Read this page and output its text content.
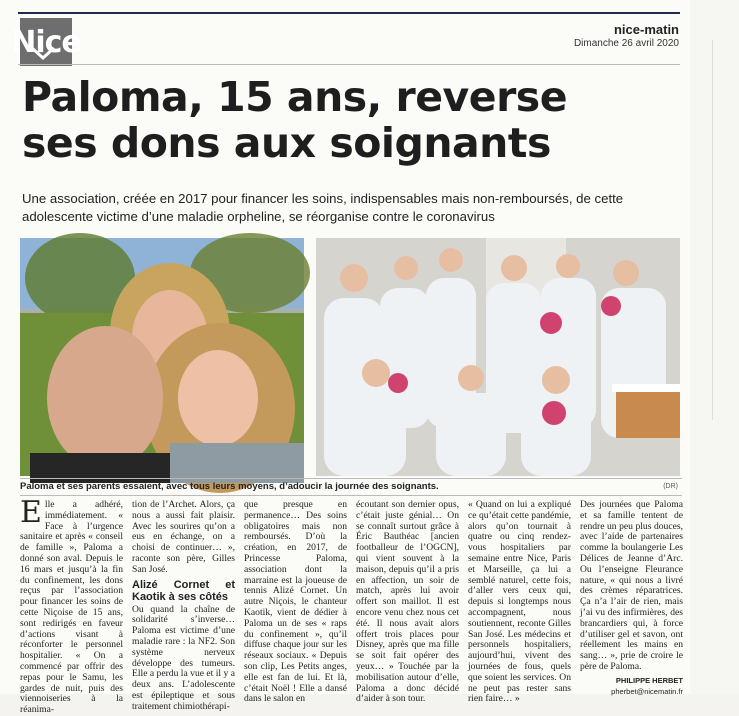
Nice	nice-matin
Dimanche 26 avril 2020
Paloma, 15 ans, reverse
ses dons aux soignants
Une association, créée en 2017 pour financer les soins, indispensables mais non-remboursés, de cette adolescente victime d’une maladie orpheline, se réorganise contre le coronavirus
Paloma et ses parents essaient, avec tous leurs moyens, d’adoucir la journée des soignants.	(DR)
Elle a adhéré, immédiatement. « Face à l’urgence sanitaire et après « conseil de famille », Paloma a donné son aval. Depuis le 16 mars et jusqu’à la fin du confinement, les dons reçus par l’association pour financer les soins de cette Niçoise de 15 ans, sont redirigés en faveur d’actions visant à réconforter le personnel hospitalier. « On a commencé par offrir des repas pour le Samu, les gardes de nuit, puis des viennoiseries à la réanima-
tion de l’Archet. Alors, ça nous a aussi fait plaisir. Avec les sourires qu’on a eus en échange, on a choisi de continuer… », raconte son père, Gilles San José.
Alizé Cornet et Kaotik à ses côtés
Ou quand la chaîne de solidarité s’inverse… Paloma est victime d’une maladie rare : la NF2. Son système nerveux développe des tumeurs. Elle a perdu la vue et il y a deux ans. L’adolescente est épileptique et sous traitement chimiothérapi-
que presque en permanence… Des soins obligatoires mais non remboursés. D’où la création, en 2017, de Princesse Paloma, association dont la marraine est la joueuse de tennis Alizé Cornet. Un autre Niçois, le chanteur Kaotik, vient de dédier à Paloma un de ses « raps du confinement », qu’il diffuse chaque jour sur les réseaux sociaux. « Depuis son clip, Les Petits anges, elle est fan de lui. Et là, c’était Noël ! Elle a dansé dans le salon en
écoutant son dernier opus, c’était juste génial… On se connaît surtout grâce à Éric Bauthéac [ancien footballeur de l’OGCN], qui vient souvent à la maison, depuis qu’il a pris en affection, un soir de match, après lui avoir offert son maillot. Il est encore venu chez nous cet été. Il nous avait alors offert trois places pour Disney, après que ma fille se soit fait opérer des yeux… » Touchée par la mobilisation autour d’elle, Paloma a donc décidé d’aider à son tour.
« Quand on lui a expliqué ce qu’était cette pandémie, alors qu’on tournait à quatre ou cinq rendez-vous hospitaliers par semaine entre Nice, Paris et Marseille, ça lui a semblé naturel, cette fois, d’aller vers ceux qui, depuis si longtemps nous accompagnent, nous soutiennent, reconte Gilles San José. Les médecins et personnels hospitaliers, aujourd’hui, vivent des journées de fous, quels que soient les services. On ne peut pas rester sans rien faire… »
Des journées que Paloma et sa famille tentent de rendre un peu plus douces, avec l’aide de partenaires comme la boulangerie Les Délices de Jeanne d’Arc. Ou l’enseigne Fleurance nature, « qui nous a livré des crèmes réparatrices. Ça n’a l’air de rien, mais j’ai vu des infirmières, des brancardiers qui, à force d’utiliser gel et savon, ont réellement les mains en sang… », prie de croire le père de Paloma.
PHILIPPE HERBET
pherbet@nicematin.fr
